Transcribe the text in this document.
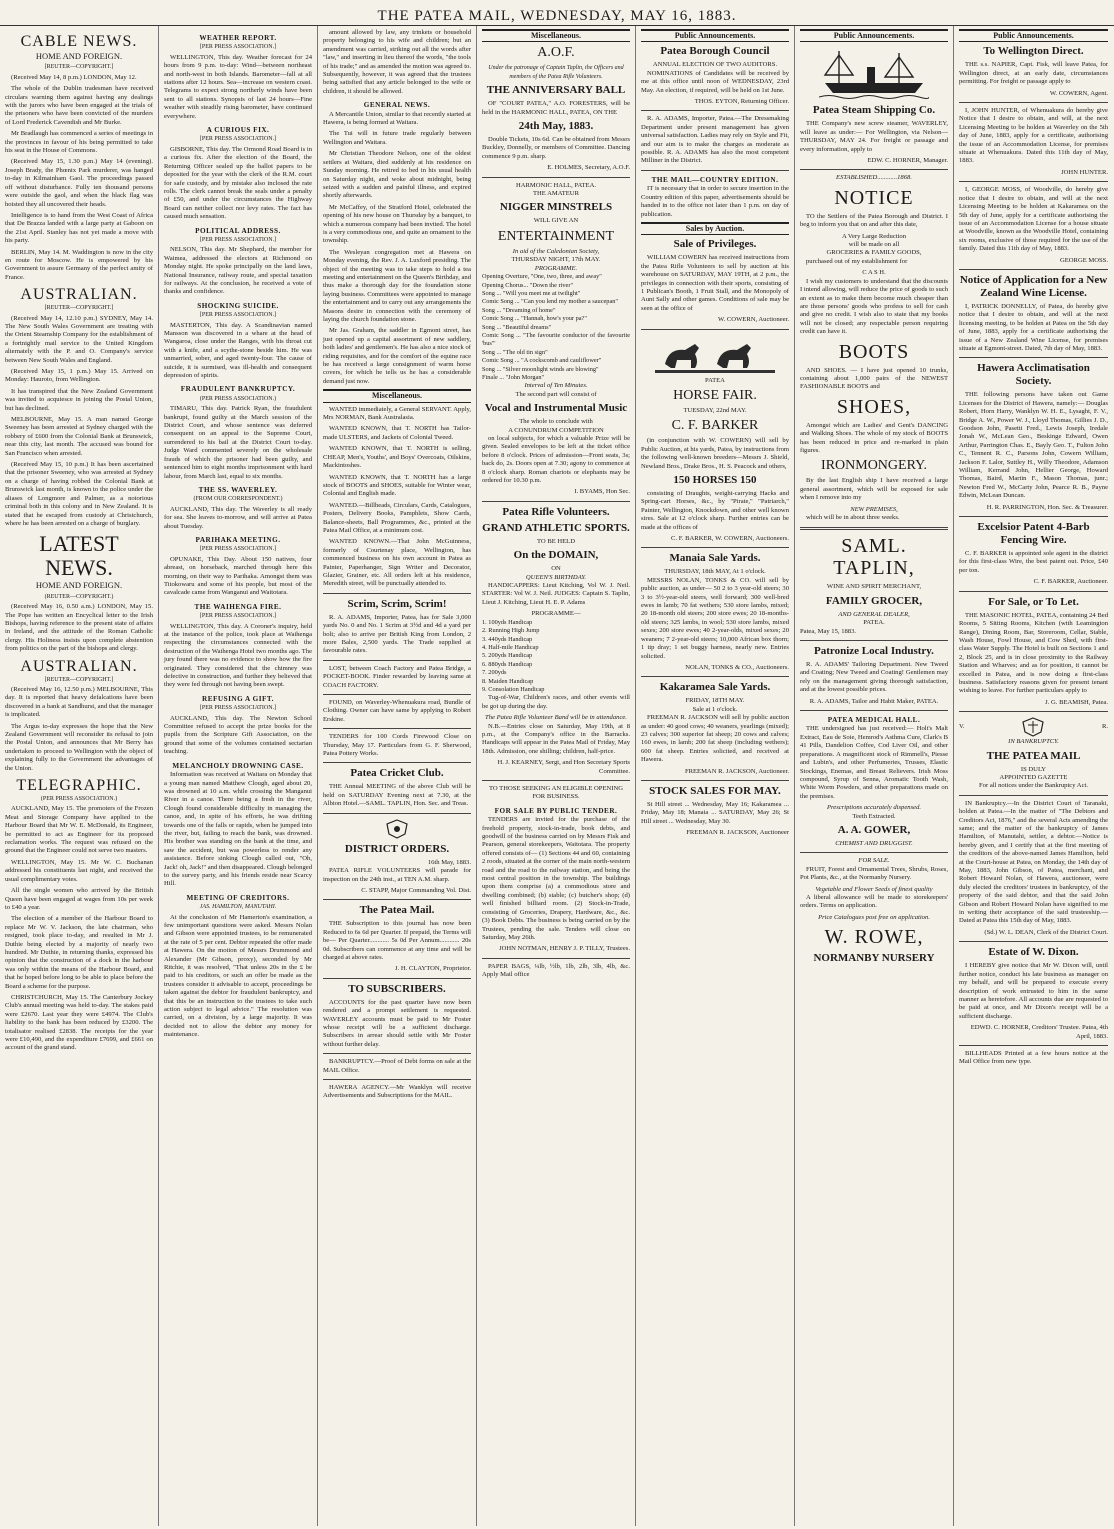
THE PATEA MAIL, WEDNESDAY, MAY 16, 1883.
CABLE NEWS.
HOME AND FOREIGN.
[REUTER—COPYRIGHT.]

(Received May 14, 8 p.m.) LONDON, May 12.

The whole of the Dublin tradesman have received circulars warning them against having any dealings with the jurors who have been engaged at the trials of the prisoners who have been convicted of the murders of Lord Frederick Cavendish and Mr Burke.

Mr Bradlaugh has commenced a series of meetings in the provinces in favour of his being permitted to take his seat in the House of Commons.

(Received May 15, 1.30 p.m.) May 14 (evening). Joseph Brady, the Phœnix Park murderer, was hanged to-day in Kilmainham Gaol. The proceedings passed off without disturbance. Fully ten thousand persons were outside the gaol, and when the black flag was hoisted they all uncovered their heads.

Intelligence is to hand from the West Coast of Africa that De Brazza landed with a large party at Gaboon on the 21st April. Stanley has not yet made a move with his party.

BERLIN, May 14. M. Waddington is now in the city en route for Moscow. He is empowered by his Government to assure Germany of the perfect amity of France.

AUSTRALIAN.
[REUTER—COPYRIGHT.]

(Received May 14, 12.10 p.m.) SYDNEY, May 14. The New South Wales Government are treating with the Orient Steamship Company for the establishment of a fortnightly mail service to the United Kingdom alternately with the P. and O. Company's service between New South Wales and England.

(Received May 15, 1 p.m.) May 15. Arrived on Monday: Hauroto, from Wellington.

It has transpired that the New Zealand Government was invited to acquiesce in joining the Postal Union, but has declined.

MELBOURNE, May 15. A man named George Sweeney has been arrested at Sydney charged with the robbery of £600 from the Colonial Bank at Brunswick, near this city, last month. The accused was bound for San Francisco when arrested.

(Received May 15, 10 p.m.) It has been ascertained that the prisoner Sweeney, who was arrested at Sydney on a charge of having robbed the Colonial Bank at Brunswick last month, is known to the police under the aliases of Longmore and Palmer, as a notorious criminal both in this colony and in New Zealand. It is stated that he escaped from custody at Christchurch, where he has been arrested on a charge of burglary.

LATEST NEWS.
HOME AND FOREIGN.
(REUTER—COPYRIGHT.)

(Received May 16, 0.50 a.m.) LONDON, May 15. The Pope has written an Encyclical letter to the Irish Bishops, having reference to the present state of affairs in Ireland, and the attitude of the Roman Catholic clergy. His Holiness insists upon complete abstention from politics on the part of the bishops and clergy.

AUSTRALIAN.
[REUTER—COPYRIGHT.]

(Received May 16, 12.50 p.m.) MELBOURNE, This day. It is reported that heavy defalcations have been discovered in a bank at Sandhurst, and that the manager is implicated.

The Argus to-day expresses the hope that the New Zealand Government will reconsider its refusal to join the Postal Union, and announces that Mr Berry has undertaken to proceed to Wellington with the object of explaining fully to the Government the advantages of the Union.

TELEGRAPHIC.
(PER PRESS ASSOCIATION.)

AUCKLAND, May 15. The promoters of the Frozen Meat and Storage Company have applied to the Harbour Board that Mr W. E. McDonald, its Engineer, be permitted to act as Engineer for its proposed reclamation works. The request was refused on the ground that the Engineer could not serve two masters.

WELLINGTON, May 15. Mr W. C. Buchanan addressed his constituents last night, and received the usual complimentary votes.

All the single women who arrived by the British Queen have been engaged at wages from 10s per week to £40 a year.

The election of a member of the Harbour Board to replace Mr W. V. Jackson, the late chairman, who resigned, took place to-day, and resulted in Mr J. Duthie being elected by a majority of nearly two hundred. Mr Duthie, in returning thanks, expressed his opinion that the construction of a dock in the harbour was only within the means of the Harbour Board, and that he hoped before long to be able to place before the Board a scheme for the purpose.

CHRISTCHURCH, May 15. The Canterbury Jockey Club's annual meeting was held to-day. The stakes paid were £2670. Last year they were £4974. The Club's liability to the bank has been reduced by £3200. The totalisator realised £2838. The receipts for the year were £10,490, and the expenditure £7699, and £661 on account of the grand stand.

WEATHER REPORT.
[PER PRESS ASSOCIATION.]

WELLINGTON, This day. Weather forecast for 24 hours from 9 p.m. to-day: Wind—between northeast and north-west in both Islands. Barometer—fall at all stations after 12 hours. Sea—increase on western coast. Telegrams to expect strong northerly winds have been sent to all stations. Synopsis of last 24 hours—Fine weather with steadily rising barometer, have continued everywhere.

A CURIOUS FIX.
[PER PRESS ASSOCIATION.]

GISBORNE, This day. The Ormond Road Board is in a curious fix. After the election of the Board, the Returning Officer sealed up the ballot papers to be deposited for the year with the clerk of the R.M. court for safe custody, and by mistake also inclosed the rate rolls. The clerk cannot break the seals under a penalty of £50, and under the circumstances the Highway Board can neither collect nor levy rates. The fact has caused much sensation.

POLITICAL ADDRESS.
[PER PRESS ASSOCIATION.]

NELSON, This day. Mr Shephard, the member for Waimea, addressed the electors at Richmond on Monday night. He spoke principally on the land laws, National Insurance, railway route, and special taxation for railways. At the conclusion, he received a vote of thanks and confidence.

SHOCKING SUICIDE.
[PER PRESS ASSOCIATION.]

MASTERTON, This day. A Scandinavian named Mansson was discovered in a whare at the head of Wangaroa, close under the Ranges, with his throat cut with a knife, and a scythe-stone beside him. He was unmarried, sober, and aged twenty-four. The cause of suicide, it is surmised, was ill-health and consequent depression of spirits.

FRAUDULENT BANKRUPTCY.
(PER PRESS ASSOCIATION.)

TIMARU, This day. Patrick Ryan, the fraudulent bankrupt, found guilty at the March session of the District Court, and whose sentence was deferred consequent on an appeal to the Supreme Court, surrendered to his bail at the District Court to-day. Judge Ward commented severely on the wholesale frauds of which the prisoner had been guilty, and sentenced him to eight months imprisonment with hard labour, from March last, equal to six months.

THE SS. WAVERLEY.
(FROM OUR CORRESPONDENT.)

AUCKLAND, This day. The Waverley is all ready for sea. She leaves to-morrow, and will arrive at Patea about Tuesday.

PARIHAKA MEETING.
[PER PRESS ASSOCIATION.]

OPUNAKE, This Day. About 150 natives, four abreast, on horseback, marched through here this morning, on their way to Parihaka. Amongst them was Titokowaru and some of his people, but most of the cavalcade came from Wanganui and Waitotara.

THE WAIHENGA FIRE.
[PER PRESS ASSOCIATION.]

WELLINGTON, This day. A Coroner's inquiry, held at the instance of the police, took place at Waihenga respecting the circumstances connected with the destruction of the Waihenga Hotel two months ago. The jury found there was no evidence to show how the fire originated. They considered that the chimney was defective in construction, and further they believed that they were fed through not having been swept.

REFUSING A GIFT.
[PER PRESS ASSOCIATION.]

AUCKLAND, This day. The Newton School Committee refused to accept the prize books for the pupils from the Scripture Gift Association, on the ground that some of the volumes contained sectarian teaching.

MELANCHOLY DROWNING CASE.

Information was received at Waitara on Monday that a young man named Matthew Clough, aged about 20, was drowned at 10 a.m. while crossing the Manganui River in a canoe. There being a fresh in the river, Clough found considerable difficulty in managing the canoe, and, in spite of his efforts, he was drifting towards one of the falls or rapids, when he jumped into the river, but, failing to reach the bank, was drowned. His brother was standing on the bank at the time, and saw the accident, but was powerless to render any assistance. Before sinking Clough called out, "Oh, Jack! oh, Jack!" and then disappeared. Clough belonged to the survey party, and his friends reside near Scarcy Hill.

MEETING OF CREDITORS.
JAS. HAMILTON, MANUTAHI.

At the conclusion of Mr Hamerton's examination, a few unimportant questions were asked. Messrs Nolan and Gibson were appointed trustees, to be remunerated at the rate of 5 per cent. Debtor repeated the offer made at Hawera. On the motion of Messrs Drummond and Alexander (Mr Gibson, proxy), seconded by Mr Ritchie, it was resolved, "That unless 20s in the £ be paid to his creditors, or such an offer be made as the trustees consider it advisable to accept, proceedings be taken against the debtor for fraudulent bankruptcy, and that this be an instruction to the trustees to take such action subject to legal advice." The resolution was carried, on a division, by a large majority. It was decided not to allow the debtor any money for maintenance.

amount allowed by law, any trinkets or household property belonging to his wife and children; but an amendment was carried, striking out all the words after "law," and inserting in lieu thereof the words, "the tools of his trade;" and as amended the motion was agreed to. Subsequently, however, it was agreed that the trustees being satisfied that any article belonged to the wife or children, it should be allowed.

GENERAL NEWS.

A Mercantile Union, similar to that recently started at Hawera, is being formed at Waitara.

The Tui will in future trade regularly between Wellington and Waitara.

Mr Christian Theodore Nelson, one of the oldest settlers at Waitara, died suddenly at his residence on Sunday morning. He retired to bed in his usual health on Saturday night, and woke about midnight, being seized with a sudden and painful illness, and expired shortly afterwards.

Mr McCaffey, of the Stratford Hotel, celebrated the opening of his new house on Thursday by a banquet, to which a numerous company had been invited. The hotel is a very commodious one, and quite an ornament to the township.

The Wesleyan congregation met at Hawera on Monday evening, the Rev. J. A. Luxford presiding. The object of the meeting was to take steps to hold a tea meeting and entertainment on the Queen's Birthday, and thus make a thorough day for the foundation stone laying business. Committees were appointed to manage the entertainment and to carry out any arrangements the Masons desire in connection with the ceremony of laying the church foundation stone.

Mr Jas. Graham, the saddler in Egmont street, has just opened up a capital assortment of new saddlery, both ladies' and gentlemen's. He has also a nice stock of riding requisites, and for the comfort of the equine race he has received a large consignment of warm horse covers, for which he tells us he has a considerable demand just now.

Miscellaneous.

WANTED immediately, a General SERVANT. Apply, Mrs NORMAN, Bank Australasia.

WANTED KNOWN, that T. NORTH has Tailor-made ULSTERS, and Jackets of Colonial Tweed.

WANTED KNOWN, that T. NORTH is selling, CHEAP, Men's, Youths', and Boys' Overcoats, Oilskins, Mackintoshes.

WANTED KNOWN, that T. NORTH has a large stock of BOOTS and SHOES, suitable for Winter wear, Colonial and English made.

WANTED.—Billheads, Circulars, Cards, Catalogues, Posters, Delivery Books, Pamphlets, Show Cards, Balance-sheets, Ball Programmes, &c., printed at the Patea Mail Office, at a minimum cost.

WANTED KNOWN.—That John McGuinness, formerly of Courtenay place, Wellington, has commenced business on his own account in Patea as Painter, Paperhanger, Sign Writer and Decorator, Glazier, Grainer, etc. All orders left at his residence, Meredith street, will be punctually attended to.

Scrim, Scrim, Scrim!

R. A. ADAMS, Importer, Patea, has for Sale 3,000 yards No. 0 and No. 1 Scrim at 3½d and 4d a yard per bolt; also to arrive per British King from London, 2 more Bales, 2,500 yards. The Trade supplied at favourable rates.

LOST, between Coach Factory and Patea Bridge, a POCKET-BOOK. Finder rewarded by leaving same at COACH FACTORY.

FOUND, on Waverley-Whenuakura road, Bundle of Clothing. Owner can have same by applying to Robert Erskine.

TENDERS for 100 Cords Firewood Close on Thursday, May 17. Particulars from G. F. Sherwood, Patea Pottery Works.

Patea Cricket Club.

THE Annual MEETING of the above Club will be held on SATURDAY Evening next at 7.30, at the Albion Hotel.—SAML. TAPLIN, Hon. Sec. and Treas.

DISTRICT ORDERS.
16th May, 1883.

PATEA RIFLE VOLUNTEERS will parade for inspection on the 24th inst., at TEN A.M. sharp.

C. STAPP, Major Commanding Vol. Dist.
The Patea Mail.

THE Subscription to this journal has now been Reduced to 6s 6d per Quarter. If prepaid, the Terms will be— Per Quarter............ 5s 0d Per Annum............ 20s 0d. Subscribers can commence at any time and will be charged at above rates.

J. H. CLAYTON, Proprietor.
TO SUBSCRIBERS.

ACCOUNTS for the past quarter have now been rendered and a prompt settlement is requested. WAVERLEY accounts must be paid to Mr Foster whose receipt will be a sufficient discharge. Subscribers in arrear should settle with Mr Foster without further delay.

BANKRUPTCY.—Proof of Debt forms on sale at the MAIL Office.

HAWERA AGENCY.—Mr Wanklyn will receive Advertisements and Subscriptions for the MAIL.

Miscellaneous.
A.O.F.
Under the patronage of Captain Taplin, the Officers and members of the Patea Rifle Volunteers.
THE ANNIVERSARY BALL

OF "COURT PATEA," A.O. FORESTERS, will be held in the HARMONIC HALL, PATEA, ON THE

24th May, 1883.

Double Tickets, 10s 6d. Can be obtained from Messrs Buckley, Donnelly, or members of Committee. Dancing commence 9 p.m. sharp.

E. HOLMES, Secretary, A.O.F.
HARMONIC HALL, PATEA.
THE AMATEUR
NIGGER MINSTRELS
WILL GIVE AN
ENTERTAINMENT
In aid of the Caledonian Society,
THURSDAY NIGHT, 17th MAY.
PROGRAMME.

Opening Overture, "One, two, three, and away"

Opening Chorus... "Down the river"

Song ... "Will you meet me at twilight"

Comic Song ... "Can you lend my mother a saucepan"

Song ... "Dreaming of home"

Comic Song ... "Hannah, how's your pa?"

Song ... "Beautiful dreams"

Comic Song ... "The favourite conductor of the favourite 'bus'"

Song ... "The old tin sign"

Comic Song ... "A cockscomb and cauliflower"

Song ... "Silver moonlight winds are blowing"

Finale ... "John Morgan"

Interval of Ten Minutes.
The second part will consist of
Vocal and Instrumental Music
The whole to conclude with
A CONUNDRUM COMPETITION

on local subjects, for which a valuable Prize will be given. Sealed envelopes to be left at the ticket office before 8 o'clock. Prices of admission—Front seats, 3s; back do, 2s. Doors open at 7.30; agony to commence at 8 o'clock sharp. Roman chariots or elephants may be ordered for 10.30 p.m.

I. BYAMS, Hon Sec.
Patea Rifle Volunteers.
GRAND ATHLETIC SPORTS.
TO BE HELD
On the DOMAIN,
ON
QUEEN'S BIRTHDAY.

HANDICAPPERS: Lieut Kitching, Vol W. J. Neil. STARTER: Vol W. J. Neil. JUDGES: Captain S. Taplin, Lieut J. Kitching, Lieut H. E. P. Adams

PROGRAMME—

1. 100yds Handicap

2. Running High Jump

3. 440yds Handicap

4. Half-mile Handicap

5. 200yds Handicap

6. 880yds Handicap

7. 200yds

8. Maiden Handicap

9. Consolation Handicap

Tug-of-War, Children's races, and other events will be got up during the day.

The Patea Rifle Volunteer Band will be in attendance.

N.B.—Entries close on Saturday, May 19th, at 8 p.m., at the Company's office in the Barracks. Handicaps will appear in the Patea Mail of Friday, May 18th. Admission, one shilling; children, half-price.

H. J. KEARNEY, Sergt, and Hon Secretary Sports Committee.
TO THOSE SEEKING AN ELIGIBLE OPENING FOR BUSINESS.
FOR SALE BY PUBLIC TENDER.

TENDERS are invited for the purchase of the freehold property, stock-in-trade, book debts, and goodwill of the business carried on by Messrs Fisk and Pearson, general storekeepers, Waitotara. The property offered consists of— (1) Sections 44 and 60, containing 2 roods, situated at the corner of the main north-western road and the road to the railway station, and being the most central position in the township. The buildings upon them comprise (a) a commodious store and dwelling combined; (b) stable; (c) butcher's shop; (d) well finished billiard room. (2) Stock-in-Trade, consisting of Groceries, Drapery, Hardware, &c., &c. (3) Book Debts. The business is being carried on by the Trustees, pending the sale. Tenders will close on Saturday, May 26th.

JOHN NOTMAN, HENRY J. P. TILLY, Trustees.

PAPER BAGS, ¼lb, ½lb, 1lb, 2lb, 3lb, 4lb, &c. Apply Mail office

Public Announcements.
Patea Borough Council
ANNUAL ELECTION OF TWO AUDITORS.

NOMINATIONS of Candidates will be received by me at this office until noon of WEDNESDAY, 23rd May. An election, if required, will be held on 1st June.

THOS. EYTON, Returning Officer.

R. A. ADAMS, Importer, Patea.—The Dressmaking Department under present management has given universal satisfaction. Ladies may rely on Style and Fit, and our aim is to make the charges as moderate as possible. R. A. ADAMS has also the most competent Milliner in the District.

THE MAIL—COUNTRY EDITION.

IT is necessary that in order to secure insertion in the Country edition of this paper, advertisements should be handed in to the office not later than 1 p.m. on day of publication.

Sales by Auction.
Sale of Privileges.

WILLIAM COWERN has received instructions from the Patea Rifle Volunteers to sell by auction at his warehouse on SATURDAY, MAY 19TH, at 2 p.m., the privileges in connection with their sports, consisting of 1 Publican's Booth, 1 Fruit Stall, and the Monopoly of Aunt Sally and other games. Conditions of sale may be seen at the office of

W. COWERN, Auctioneer.
PATEA
HORSE FAIR.
TUESDAY, 22nd MAY.
C. F. BARKER

(in conjunction with W. COWERN) will sell by Public Auction, at his yards, Patea, by instructions from the following well-known breeders—Messrs J. Shield, Newland Bros., Drake Bros., H. S. Peacock and others,

150 HORSES 150

consisting of Draughts, weight-carrying Hacks and Spring-cart Horses, &c., by "Pirate," "Patriarch," Painter, Wellington, Knockdown, and other well known sires. Sale at 12 o'clock sharp. Further entries can be made at the offices of

C. F. BARKER, W. COWERN, Auctioneers.
Manaia Sale Yards.
THURSDAY, 18th MAY, At 1 o'clock.

MESSRS NOLAN, TONKS & CO. will sell by public auction, as under— 50 2 to 3 year-old steers; 30 3 to 3½-year-old steers, well forward; 300 well-bred ewes in lamb; 70 fat wethers; 530 store lambs, mixed; 20 18-month old steers; 200 store ewes; 20 18-months-old steers; 325 lambs, in wool; 530 store lambs, mixed sexes; 200 store ewes; 40 2-year-olds, mixed sexes; 20 weaners; 7 2-year-old steers; 10,000 African box thorn; 1 tip dray; 1 set buggy harness, nearly new. Entries solicited.

NOLAN, TONKS & CO., Auctioneers.
Kakaramea Sale Yards.
FRIDAY, 18TH MAY.
Sale at 1 o'clock.

FREEMAN R. JACKSON will sell by public auction as under: 40 good cows; 40 weaners, yearlings (mixed); 23 calves; 300 superior fat sheep; 20 cows and calves; 160 ewes, in lamb; 200 fat sheep (including wethers); 600 fat sheep. Entries solicited, and received at Hawera.

FREEMAN R. JACKSON, Auctioneer.
STOCK SALES FOR MAY.

St Hill street ... Wednesday, May 16; Kakaramea ... Friday, May 18; Manaia ... SATURDAY, May 26; St Hill street ... Wednesday, May 30.

FREEMAN R. JACKSON, Auctioneer
Public Announcements.
Patea Steam Shipping Co.

THE Company's new screw steamer, WAVERLEY, will leave as under:— For Wellington, via Nelson— THURSDAY, MAY 24. For freight or passage and every information, apply to

EDW. C. HORNER, Manager.
ESTABLISHED............1868.
NOTICE

TO the Settlers of the Patea Borough and District. I beg to inform you that on and after this date,

A Very Large Reduction
will be made on all
GROCERIES & FAMILY GOODS,

purchased out of my establishment for

C A S H.

I wish my customers to understand that the discounts I intend allowing, will reduce the price of goods to such an extent as to make them become much cheaper than are those persons' goods who profess to sell for cash and give no credit. I wish also to state that my books will not be closed; any respectable person requiring credit can have it.

BOOTS

AND SHOES. — I have just opened 10 trunks, containing about 1,000 pairs of the NEWEST FASHIONABLE BOOTS and

SHOES,

Amongst which are Ladies' and Gent's DANCING and Walking Shoes. The whole of my stock of BOOTS has been reduced in price and re-marked in plain figures.

IRONMONGERY.

By the last English ship I have received a large general assortment, which will be exposed for sale when I remove into my

NEW PREMISES,

which will be in about three weeks.

SAML. TAPLIN,
WINE AND SPIRIT MERCHANT,
FAMILY GROCER,
AND GENERAL DEALER,
PATEA.
Patea, May 15, 1883.
Patronize Local Industry.

R. A. ADAMS' Tailoring Department. New Tweed and Coating; New Tweed and Coating! Gentlemen may rely on the management giving thorough satisfaction, and at the lowest possible prices.

R. A. ADAMS, Tailor and Habit Maker, PATEA.
PATEA MEDICAL HALL.

THE undersigned has just received:— Holt's Malt Extract, Eau de Soie, Hemrod's Asthma Cure, Clark's B 41 Pills, Dandelion Coffee, Cod Liver Oil, and other preparations. A magnificent stock of Rimmell's, Piesse and Lubin's, and other Perfumeries, Trusses, Elastic Stockings, Enemas, and Breast Relievers. Irish Moss compound, Syrup of Senna, Aromatic Tooth Wash, White Worm Powders, and other preparations made on the premises.

Prescriptions accurately dispensed.
Teeth Extracted.
A. A. GOWER,
CHEMIST AND DRUGGIST.
FOR SALE.

FRUIT, Forest and Ornamental Trees, Shrubs, Roses, Pot Plants, &c., at the Normanby Nursery.

Vegetable and Flower Seeds of finest quality

A liberal allowance will be made to storekeepers' orders. Terms on application.

Price Catalogues post free on application.
W. ROWE,
NORMANBY NURSERY
Public Announcements.
To Wellington Direct.

THE s.s. NAPIER, Capt. Fisk, will leave Patea, for Wellington direct, at an early date, circumstances permitting. For freight or passage apply to

W. COWERN, Agent.

I, JOHN HUNTER, of Whenuakura do hereby give Notice that I desire to obtain, and will, at the next Licensing Meeting to be holden at Waverley on the 5th day of June, 1883, apply for a certificate, authorising the issue of an Accommodation License, for premises situate at Whenuakura. Dated this 11th day of May, 1883.

JOHN HUNTER.

I, GEORGE MOSS, of Woodville, do hereby give notice that I desire to obtain, and will at the next Licensing Meeting to be holden at Kakaramea on the 5th day of June, apply for a certificate authorising the issue of an Accommodation License for a house situate at Woodville, known as the Woodville Hotel, containing six rooms, exclusive of those required for the use of the family. Dated this 11th day of May, 1883.

GEORGE MOSS.
Notice of Application for a New Zealand Wine License.

I, PATRICK DONNELLY, of Patea, do hereby give notice that I desire to obtain, and will at the next licensing meeting, to be holden at Patea on the 5th day of June, 1883, apply for a certificate authorising the issue of a New Zealand Wine License, for premises situate at Egmont-street. Dated, 7th day of May, 1883.

Hawera Acclimatisation Society.

THE following persons have taken out Game Licenses for the District of Hawera, namely:— Douglas Robert, Horn Harry, Wanklyn W. H. E., Lysaght, F. V., Bridge A. W., Power W. J., Lloyd Thomas, Gillies J. D., Goodson John, Pasetti Fred., Lewis Joseph, Iredale Jonah W., McLean Geo., Beskinge Edward, Owen Arthur, Parrington Chas. E., Bayly Geo. T., Fulton John C., Tennent R. C., Parsons John, Cowern William, Jackson F. Lalor, Suttley H., Willy Theodore, Adamson William, Kerrand John, Hellier George, Howard Thomas, Baird, Martin F., Mason Thomas, junr.; Newton Fred W., McCarty John, Pearce R. B., Payne Edwin, McLean Duncan.

H. R. PARRINGTON, Hon. Sec. & Treasurer.
Excelsior Patent 4-Barb Fencing Wire.

C. F. BARKER is appointed sole agent in the district for this first-class Wire, the best patent out. Price, £40 per ton.

C. F. BARKER, Auctioneer.
For Sale, or To Let.

THE MASONIC HOTEL, PATEA, containing 24 Bed Rooms, 5 Sitting Rooms, Kitchen (with Leamington Range), Dining Room, Bar, Storeroom, Cellar, Stable, Wash House, Fowl House, and Cow Shed, with first-class Water Supply. The Hotel is built on Sections 1 and 2, Block 25, and is in close proximity to the Railway Station and Wharves; and as for position, it cannot be excelled in Patea, and is now doing a first-class business. Satisfactory reasons given for present tenant wishing to leave. For further particulars apply to

J. G. BEAMISH, Patea.
V.	R.
IN BANKRUPTCY.
THE PATEA MAIL
IS DULY
APPOINTED GAZETTE
For all notices under the Bankruptcy Act.

IN Bankruptcy.—In the District Court of Taranaki, holden at Patea.—In the matter of "The Debtors and Creditors Act, 1876," and the several Acts amending the same; and the matter of the bankruptcy of James Hamilton, of Manutahi, settler, a debtor.—Notice is hereby given, and I certify that at the first meeting of the creditors of the above-named James Hamilton, held at the Court-house at Patea, on Monday, the 14th day of May, 1883, John Gibson, of Patea, merchant, and Robert Howard Nolan, of Hawera, auctioneer, were duly elected the creditors' trustees in bankruptcy, of the property of the said debtor, and that the said John Gibson and Robert Howard Nolan have signified to me in writing their acceptance of the said trusteeship.—Dated at Patea this 15th day of May, 1883.

(Sd.) W. L. DEAN, Clerk of the District Court.
Estate of W. Dixon.

I HEREBY give notice that Mr W. Dixon will, until further notice, conduct his late business as manager on my behalf, and will be prepared to execute every description of work entrusted to him in the same manner as heretofore. All accounts due are requested to be paid at once, and Mr Dixon's receipt will be a sufficient discharge.

EDWD. C. HORNER, Creditors' Trustee. Patea, 4th April, 1883.

BILLHEADS Printed at a few hours notice at the Mail Office from new type.
